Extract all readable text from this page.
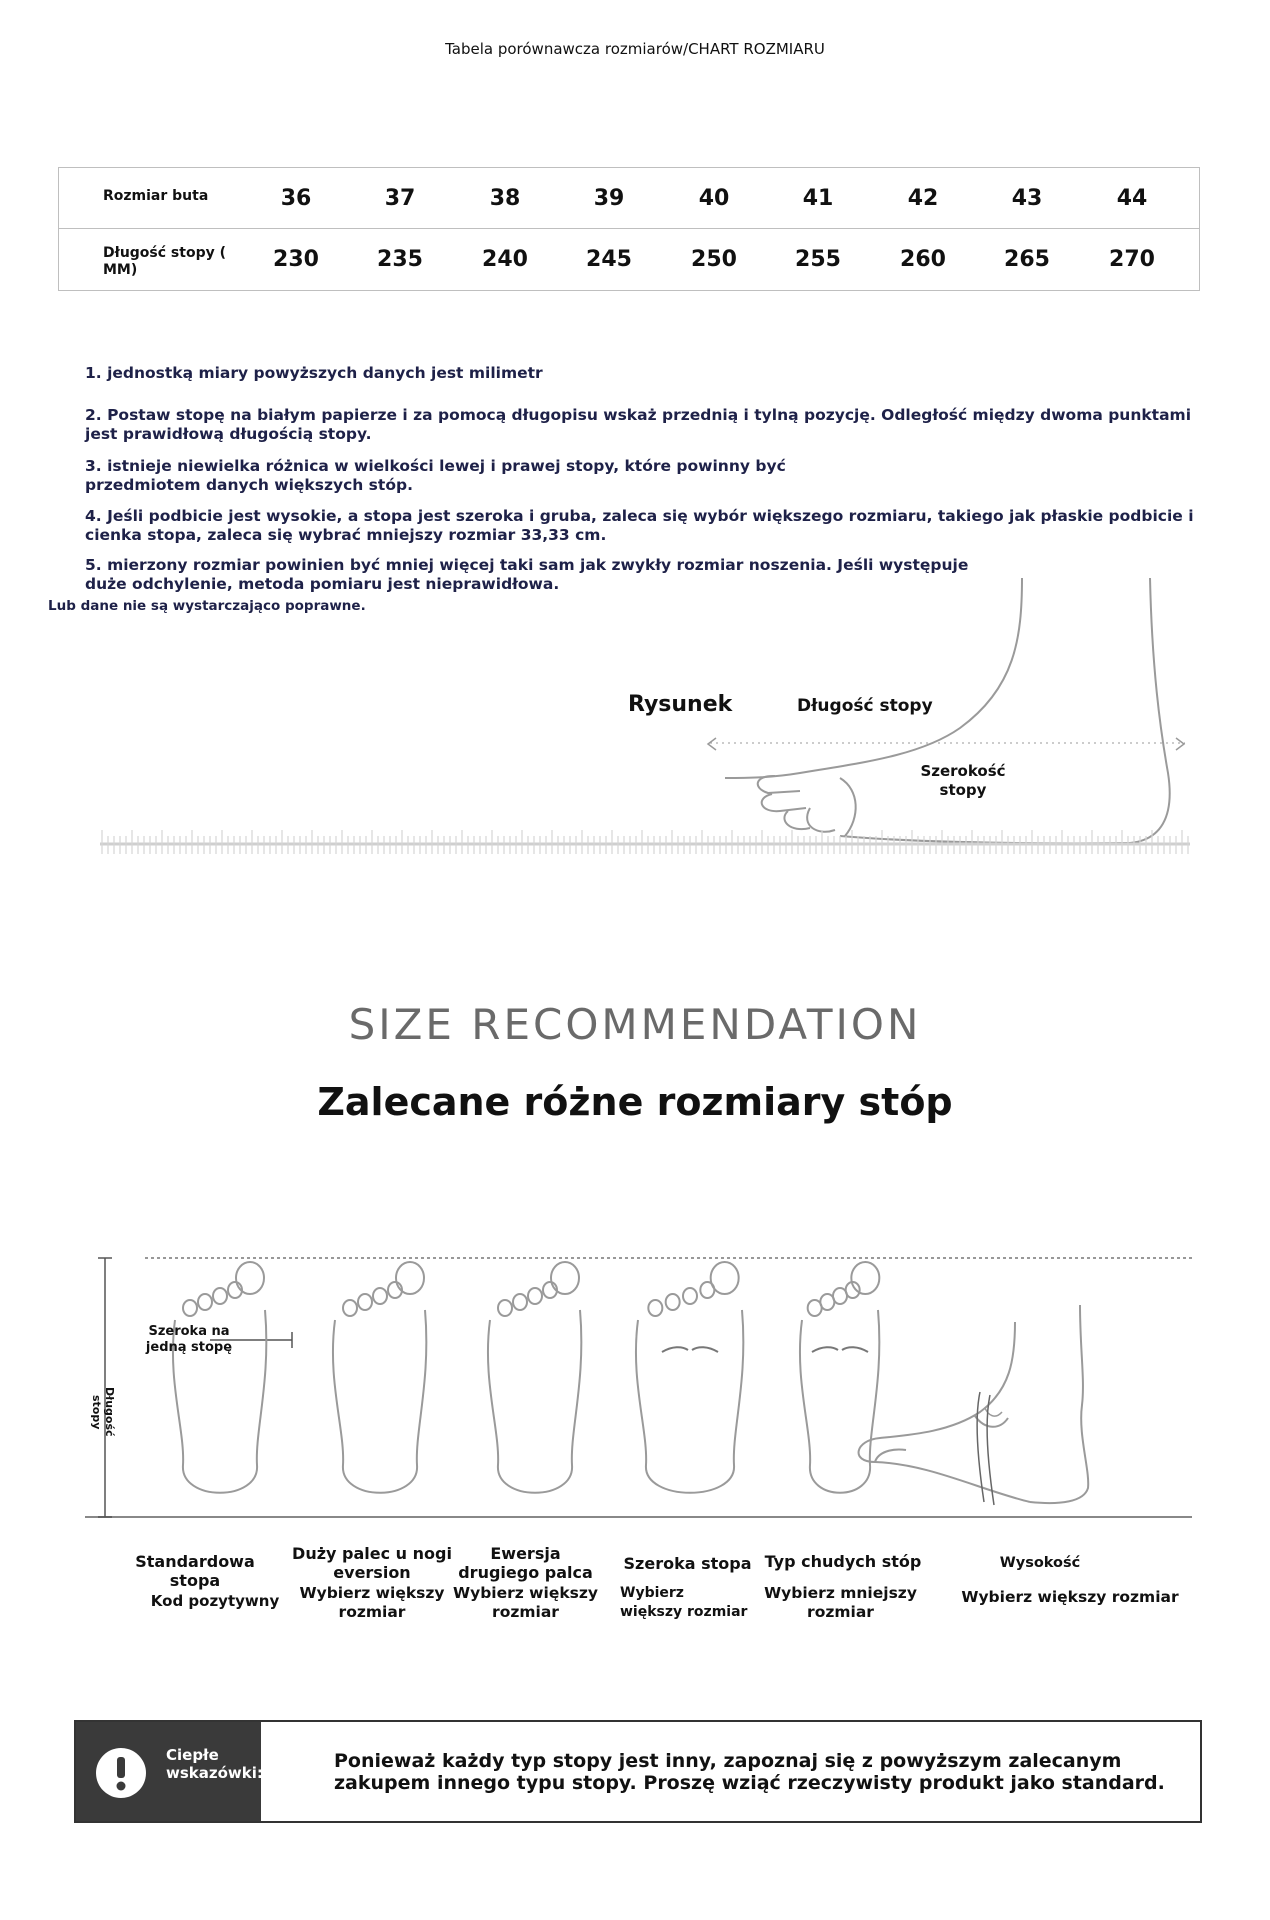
Tabela porównawcza rozmiarów/CHART ROZMIARU
Rozmiar buta	36	37	38	39	40	41	42	43	44
Długość stopy ( MM)	230	235	240	245	250	255	260	265	270
1. jednostką miary powyższych danych jest milimetr
2. Postaw stopę na białym papierze i za pomocą długopisu wskaż przednią i tylną pozycję. Odległość między dwoma punktami jest prawidłową długością stopy.
3. istnieje niewielka różnica w wielkości lewej i prawej stopy, które powinny być przedmiotem danych większych stóp.
4. Jeśli podbicie jest wysokie, a stopa jest szeroka i gruba, zaleca się wybór większego rozmiaru, takiego jak płaskie podbicie i cienka stopa, zaleca się wybrać mniejszy rozmiar 33,33 cm.
5. mierzony rozmiar powinien być mniej więcej taki sam jak zwykły rozmiar noszenia. Jeśli występuje duże odchylenie, metoda pomiaru jest nieprawidłowa.
Lub dane nie są wystarczająco poprawne.
Rysunek	Długość stopy
Szerokość stopy
SIZE RECOMMENDATION
Zalecane różne rozmiary stóp
Szeroka na jedną stopę
Długość stopy
Standardowa stopa
Kod pozytywny
Duży palec u nogi eversion
Wybierz większy rozmiar
Ewersja drugiego palca
Wybierz większy rozmiar
Szeroka stopa
Wybierz większy rozmiar
Typ chudych stóp
Wybierz mniejszy rozmiar
Wysokość
Wybierz większy rozmiar
Ciepłe wskazówki:
Ponieważ każdy typ stopy jest inny, zapoznaj się z powyższym zalecanym zakupem innego typu stopy. Proszę wziąć rzeczywisty produkt jako standard.
